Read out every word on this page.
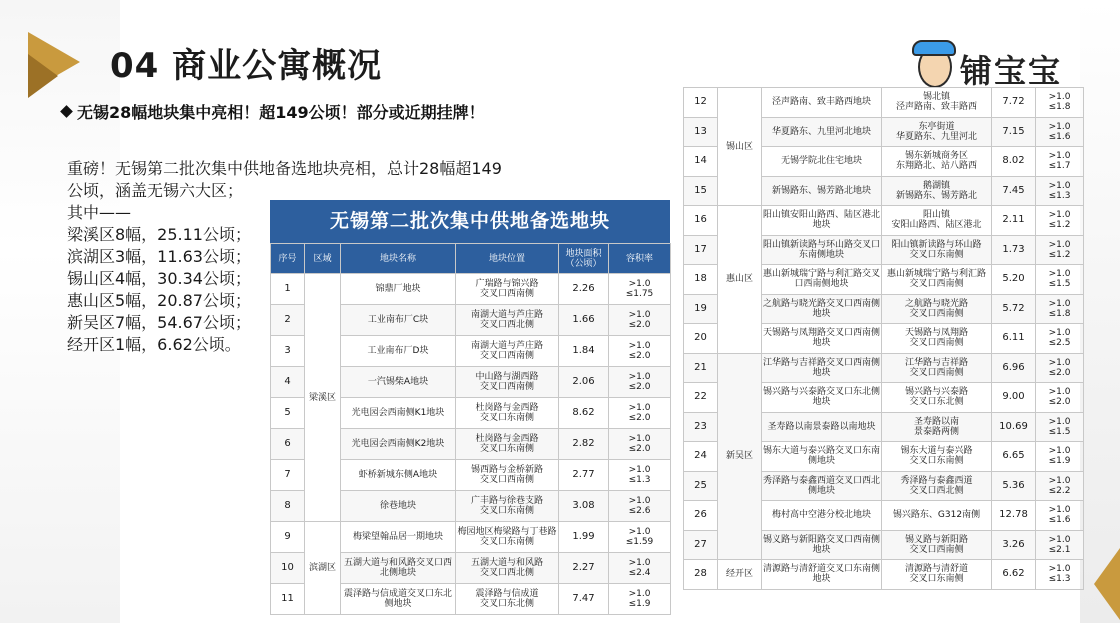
04 商业公寓概况	铺宝宝
无锡28幅地块集中亮相！超149公顷！部分或近期挂牌！
重磅！无锡第二批次集中供地备选地块亮相，总计28幅超149
公顷，涵盖无锡六大区；
其中——
梁溪区8幅，25.11公顷；
滨湖区3幅，11.63公顷；
锡山区4幅，30.34公顷；
惠山区5幅，20.87公顷；
新吴区7幅，54.67公顷；
经开区1幅，6.62公顷。
无锡第二批次集中供地备选地块
序号	区域	地块名称	地块位置	地块面积（公顷）	容积率

1	梁溪区	锦鼎厂地块	广瑞路与锦兴路
交叉口西南侧	2.26	>1.0
≤1.75

2		工业南布厂C块	南湖大道与芦庄路
交叉口西北侧	1.66	>1.0
≤2.0

3		工业南布厂D块	南湖大道与芦庄路
交叉口西南侧	1.84	>1.0
≤2.0

4		一汽锡柴A地块	中山路与湖西路
交叉口西南侧	2.06	>1.0
≤2.0

5		光电园会西南侧K1地块	杜岗路与金西路
交叉口东南侧	8.62	>1.0
≤2.0

6		光电园会西南侧K2地块	杜岗路与金西路
交叉口东南侧	2.82	>1.0
≤2.0

7		虾桥新城东侧A地块	锡西路与金桥新路
交叉口西南侧	2.77	>1.0
≤1.3

8		徐巷地块	广丰路与徐巷支路
交叉口东南侧	3.08	>1.0
≤2.6

9	滨湖区	梅梁望翰品居一期地块	梅园地区梅梁路与丁巷路
交叉口东南侧	1.99	>1.0
≤1.59

10		五湖大道与和风路交叉口西北侧地块	五湖大道与和风路
交叉口西北侧	2.27	>1.0
≤2.4

11		震泽路与信成道交叉口东北侧地块	震泽路与信成道
交叉口东北侧	7.47	>1.0
≤1.9
12	锡山区	泾声路南、致丰路西地块	锡北镇
泾声路南、致丰路西	7.72	>1.0
≤1.8

13		华夏路东、九里河北地块	东亭街道
华夏路东、九里河北	7.15	>1.0
≤1.6

14		无锡学院北住宅地块	锡东新城商务区
东翔路北、站八路西	8.02	>1.0
≤1.7

15		新锡路东、锡芳路北地块	鹅湖镇
新锡路东、锡芳路北	7.45	>1.0
≤1.3

16	惠山区	阳山镇安阳山路西、陆区港北地块	阳山镇
安阳山路西、陆区港北	2.11	>1.0
≤1.2

17		阳山镇新读路与环山路交叉口东南侧地块	阳山镇新读路与环山路
交叉口东南侧	1.73	>1.0
≤1.2

18		惠山新城瑞宁路与利汇路交叉口西南侧地块	惠山新城瑞宁路与利汇路
交叉口西南侧	5.20	>1.0
≤1.5

19		之航路与晓光路交叉口西南侧地块	之航路与晓光路
交叉口西南侧	5.72	>1.0
≤1.8

20		天锡路与凤翔路交叉口西南侧地块	天锡路与凤翔路
交叉口西南侧	6.11	>1.0
≤2.5

21	新吴区	江华路与吉祥路交叉口西南侧地块	江华路与吉祥路
交叉口西南侧	6.96	>1.0
≤2.0

22		锡兴路与兴泰路交叉口东北侧地块	锡兴路与兴泰路
交叉口东北侧	9.00	>1.0
≤2.0

23		圣寿路以南景泰路以南地块	圣寿路以南
景泰路两侧	10.69	>1.0
≤1.5

24		锡东大道与泰兴路交叉口东南侧地块	锡东大道与泰兴路
交叉口东南侧	6.65	>1.0
≤1.9

25		秀泽路与泰鑫西道交叉口西北侧地块	秀泽路与泰鑫西道
交叉口西北侧	5.36	>1.0
≤2.2

26		梅村高中空港分校北地块	锡兴路东、G312南侧	12.78	>1.0
≤1.6

27		锡义路与新阳路交叉口西南侧地块	锡义路与新阳路
交叉口西南侧	3.26	>1.0
≤2.1

28	经开区	清源路与清舒道交叉口东南侧地块	清源路与清舒道
交叉口东南侧	6.62	>1.0
≤1.3
